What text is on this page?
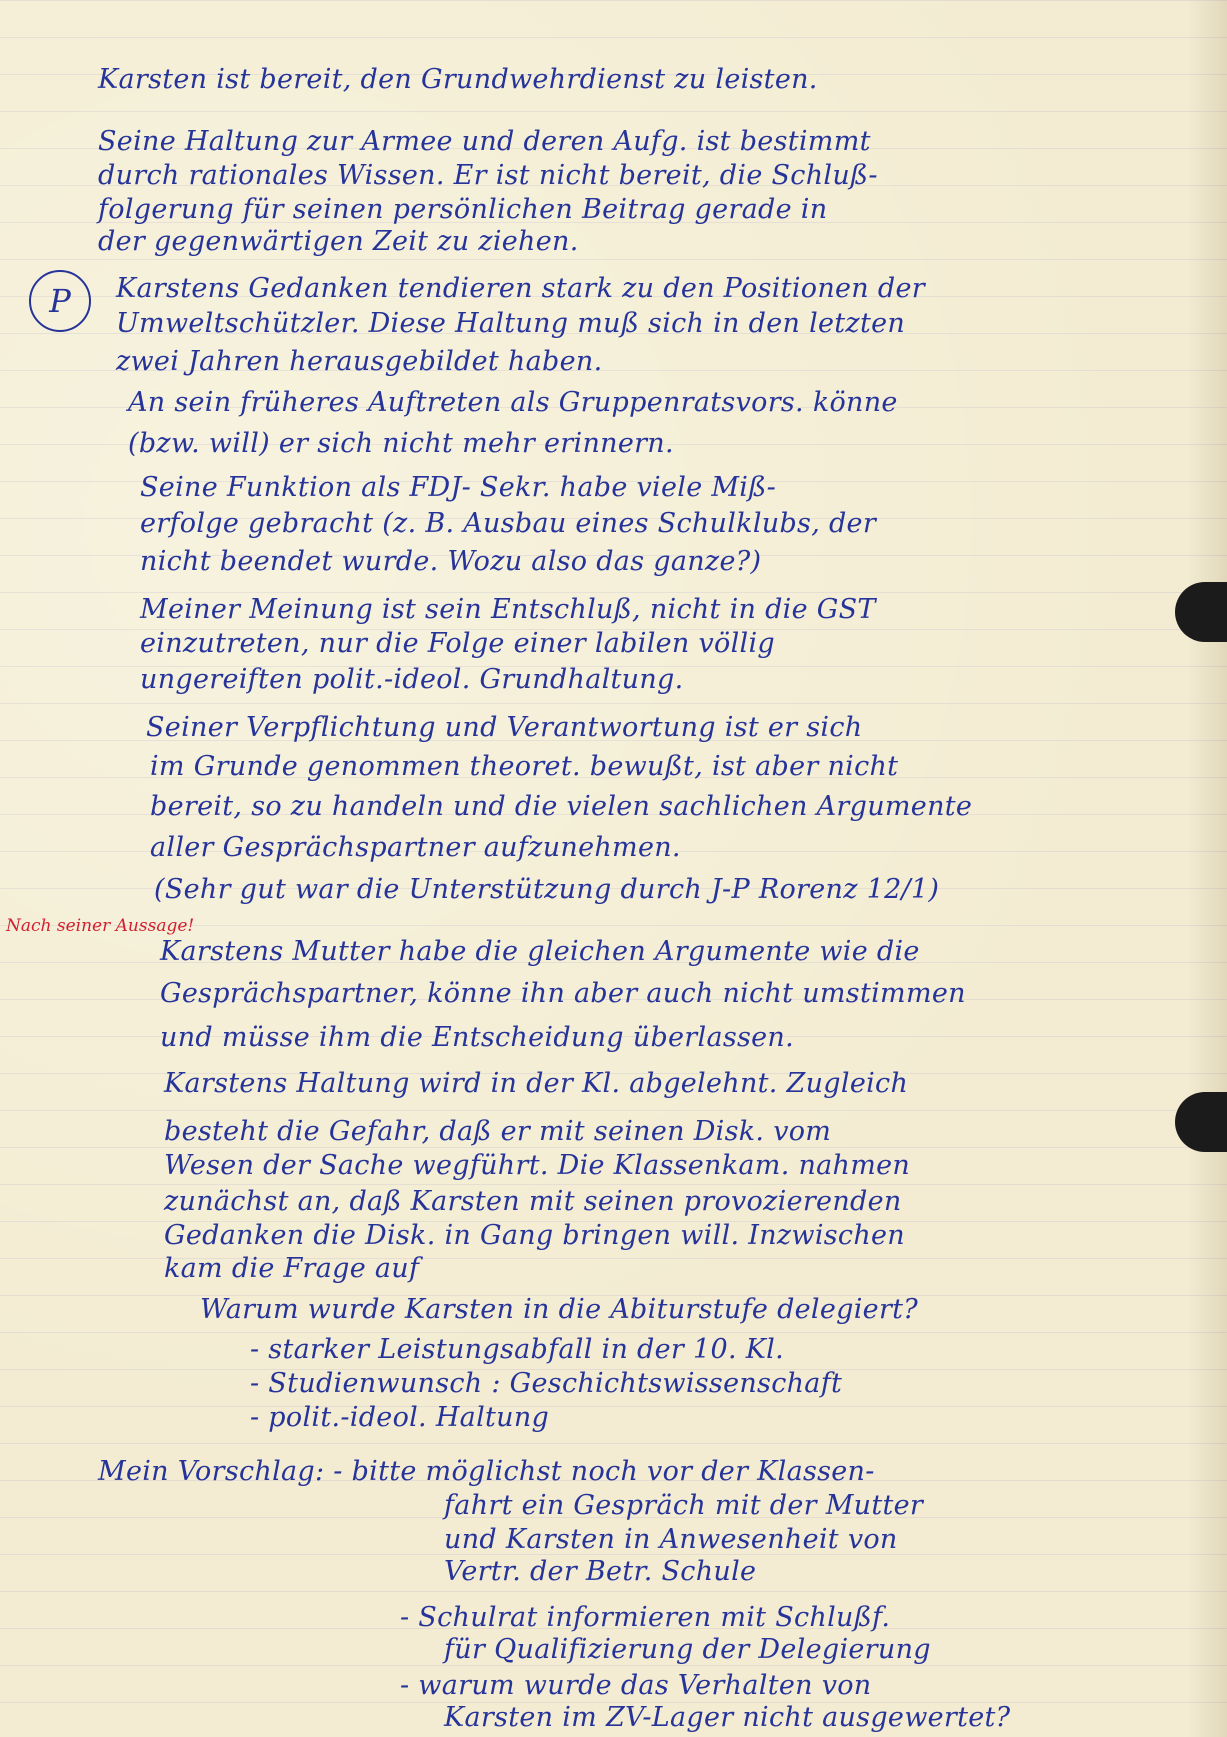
P
Nach seiner Aussage!
Karsten ist bereit, den Grundwehrdienst zu leisten.
Seine Haltung zur Armee und deren Aufg. ist bestimmt
durch rationales Wissen. Er ist nicht bereit, die Schluß-
folgerung für seinen persönlichen Beitrag gerade in
der gegenwärtigen Zeit zu ziehen.
Karstens Gedanken tendieren stark zu den Positionen der
Umweltschützler. Diese Haltung muß sich in den letzten
zwei Jahren herausgebildet haben.
An sein früheres Auftreten als Gruppenratsvors. könne
(bzw. will) er sich nicht mehr erinnern.
Seine Funktion als FDJ- Sekr. habe viele Miß-
erfolge gebracht (z. B. Ausbau eines Schulklubs, der
nicht beendet wurde. Wozu also das ganze?)
Meiner Meinung ist sein Entschluß, nicht in die GST
einzutreten, nur die Folge einer labilen völlig
ungereiften polit.-ideol. Grundhaltung.
Seiner Verpflichtung und Verantwortung ist er sich
im Grunde genommen theoret. bewußt, ist aber nicht
bereit, so zu handeln und die vielen sachlichen Argumente
aller Gesprächspartner aufzunehmen.
(Sehr gut war die Unterstützung durch J-P Rorenz 12/1)
Karstens Mutter habe die gleichen Argumente wie die
Gesprächspartner, könne ihn aber auch nicht umstimmen
und müsse ihm die Entscheidung überlassen.
Karstens Haltung wird in der Kl. abgelehnt. Zugleich
besteht die Gefahr, daß er mit seinen Disk. vom
Wesen der Sache wegführt. Die Klassenkam. nahmen
zunächst an, daß Karsten mit seinen provozierenden
Gedanken die Disk. in Gang bringen will. Inzwischen
kam die Frage auf
Warum wurde Karsten in die Abiturstufe delegiert?
- starker Leistungsabfall in der 10. Kl.
- Studienwunsch : Geschichtswissenschaft
- polit.-ideol. Haltung
Mein Vorschlag: - bitte möglichst noch vor der Klassen-
fahrt ein Gespräch mit der Mutter
und Karsten in Anwesenheit von
Vertr. der Betr. Schule
- Schulrat informieren mit Schlußf.
für Qualifizierung der Delegierung
- warum wurde das Verhalten von
Karsten im ZV-Lager nicht ausgewertet?
